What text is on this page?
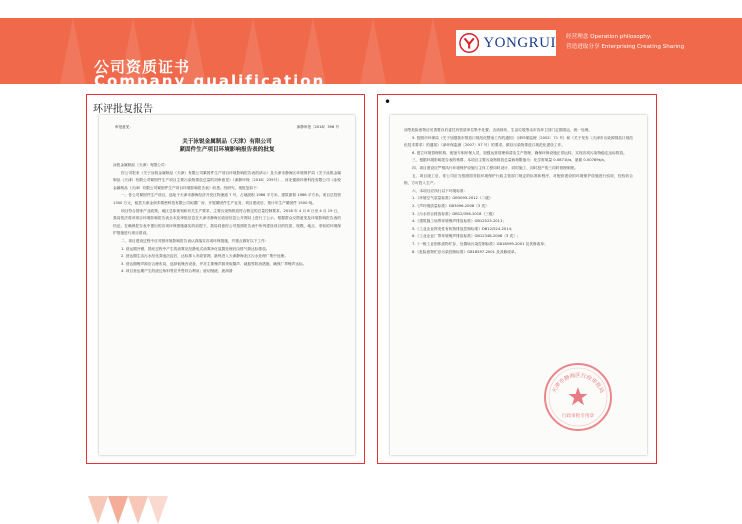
公司资质证书
Company qualification
YONGRUI 经营理念 Operation philosophy:
营造进取分享 Enterprising Creating Sharing
环评批复报告
审批意见：	津静审批〔2018〕396 号
关于泳锐金属制品（天津）有限公司
紧固件生产项目环境影响报告表的批复

泳锐金属制品（天津）有限公司：

你公司报来《关于泳锐金属制品（天津）有限公司紧固件生产项目环境影响报告表的请示》及天津市静海区环境保护局《关于泳锐金属制品（天津）有限公司紧固件生产项目主要污染物排放总量的初审意见》（津静环保〔2018〕235号）、河北德源环保科技有限公司《泳锐金属制品（天津）有限公司紧固件生产项目环境影响报告表》收悉。经研究，现批复如下：

一、你公司紧固件生产项目，选址于天津市静海经济开发区物流道 7 号，占地面积 1986 平方米，建筑面积 1986 平方米。项目总投资 1300 万元，租赁天津金润多精密科技有限公司闲置厂房，开展紧固件生产业务，项目建成后，预计年生产紧固件 1500 吨。

项目符合国家产业政策，地区总体规划和有关生产要求，主要污染物排放符合核定的总量控制要求。2018 年 4 月 8 日至 4 月 19 日，我局依法将该项目环境影响报告表全本及审批信息在天津市静海区政府信息公开网站上进行了公示，根据群众反馈意见及环境影响报告表的结论，在确保报告表中提出的各项环保措施落实的前提下，我局同意你公司按照报告表中所列建设项目的性质、规模、地点、采取的环境保护措施进行项目建设。

二、项目建设过程中应对照环境影响报告表认真落实各项环保措施，并重点做好以下工作：

1. 营运期冷镦、搓丝过程中产生的油雾应经静电式油雾净化装置处理后由排气筒达标排放。

2. 营运期生活污水经化粪池沉淀后，达标排入市政管网，最终进入天津静海北区污水处理厂集中处理。

3. 营运期噪声源应合理布局，选择低噪音设备，并对主要噪声源采取隔声、减振等防治措施，确保厂界噪声达标。

4. 项目营运期产生的废边角料等应外售综合利用；废切削液、废润滑

•

油等危险废物应妥善暂存后委托有资质单位集中处置；含油抹布、生活垃圾等由市容环卫部门定期清运，统一处理。

5. 按照市环保局《关于加强我市排放口规范化整治工作的通知》（津环保监理〔2002〕71 号）和《关于发布〈天津市污染源排放口规范化技术要求〉的通知》（津环保监测〔2007〕57 号）的要求，做好污染物排放口规范化建设工作。

6. 建立环境管理机构，配备专职环保人员，加强运营管理和清洁生产管理，确保环保设施正常运转，实现各项污染物稳定达标排放。

三、根据环境影响报告表的核算，本项目主要污染物排放总量载荷限值为：化学需氧量 0.0871t/a，氨氮 0.00789t/a。

四、项目建设应严格执行环境保护设施与主体工程同时设计、同时施工、同时投产的三同时管理制度。

五、项目竣工后，你公司应当按照国务院环境保护行政主管部门规定的标准和程序，对配套建设的环境保护设施进行验收，经验收合格，方可投入生产。

六、本项目应执行以下环境标准：

1.《环境空气质量标准》GB3095-2012（二级）

2.《声环境质量标准》GB3096-2008（3 类）

3.《污水综合排放标准》DB12/356-2018（三级）

4.《建筑施工场界环境噪声排放标准》GB12523-2011；

5.《工业企业挥发性有机物排放控制标准》DB12/524-2014；

6.《工业企业厂界环境噪声排放标准》GB12348-2008（3 类）；

7.《一般工业固体废物贮存、处置场污染控制标准》GB18599-2001 及其修改单；

8.《危险废物贮存污染控制标准》GB18597-2001 及其修改单。

天津市静海区行政审批局
行政审批专用章
